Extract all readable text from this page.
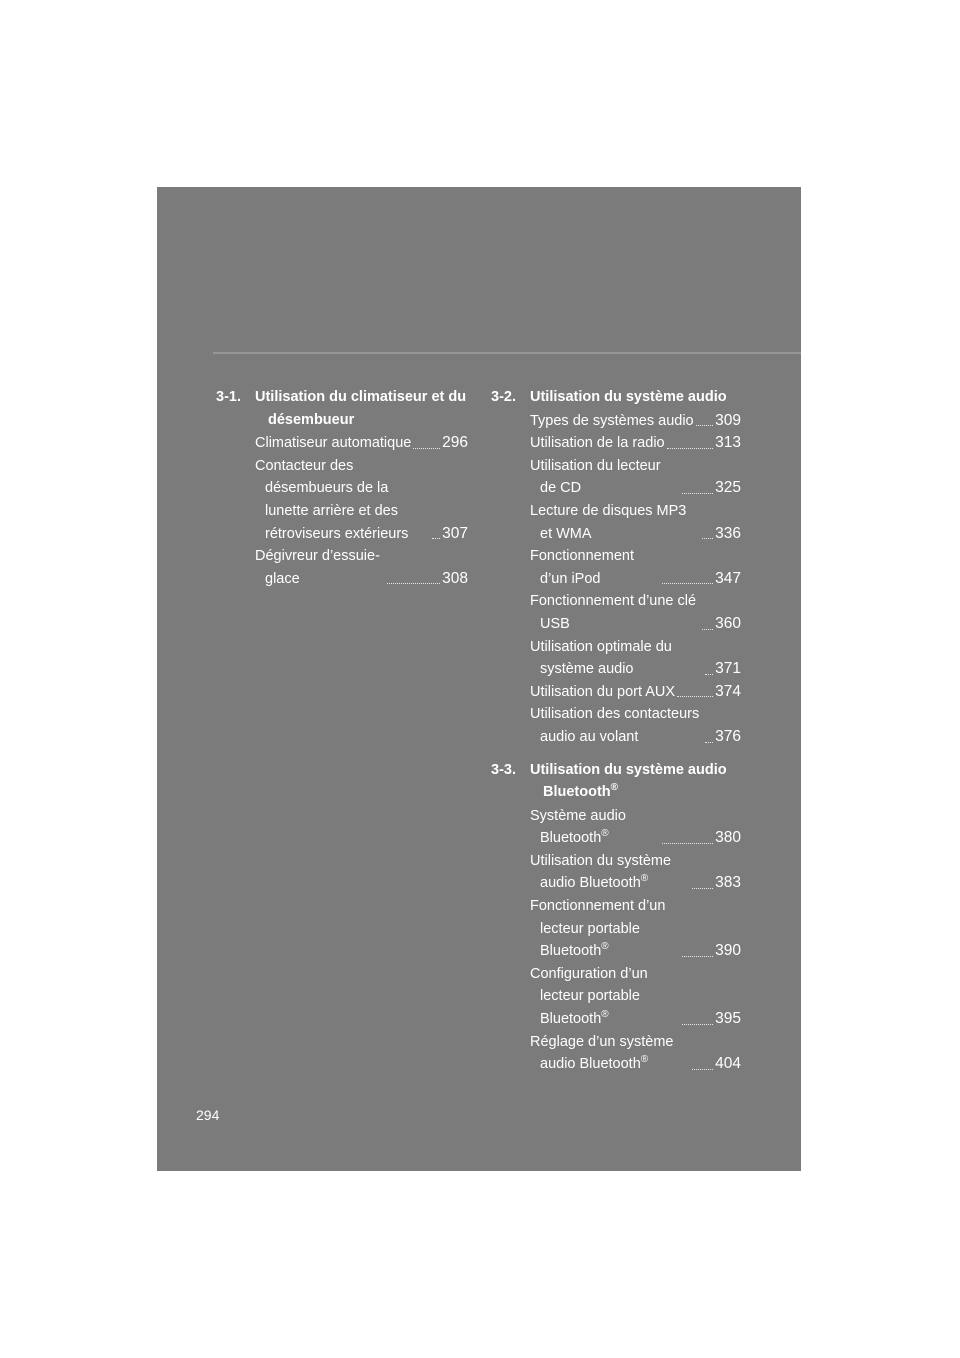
3-1. Utilisation du climatiseur et du désembueur
Climatiseur automatique 296
Contacteur des désembueurs de la lunette arrière et des rétroviseurs extérieurs	307
Dégivreur d’essuie-glace	308
3-2. Utilisation du système audio
Types de systèmes audio 309
Utilisation de la radio	313
Utilisation du lecteur de CD	325
Lecture de disques MP3 et WMA	336
Fonctionnement d’un iPod	347
Fonctionnement d’une clé USB	360
Utilisation optimale du système audio	371
Utilisation du port AUX	374
Utilisation des contacteurs audio au volant	376
3-3. Utilisation du système audio Bluetooth®
Système audio Bluetooth®	380
Utilisation du système audio Bluetooth®	383
Fonctionnement d’un lecteur portable Bluetooth®	390
Configuration d’un lecteur portable Bluetooth®	395
Réglage d’un système audio Bluetooth®	404
294
